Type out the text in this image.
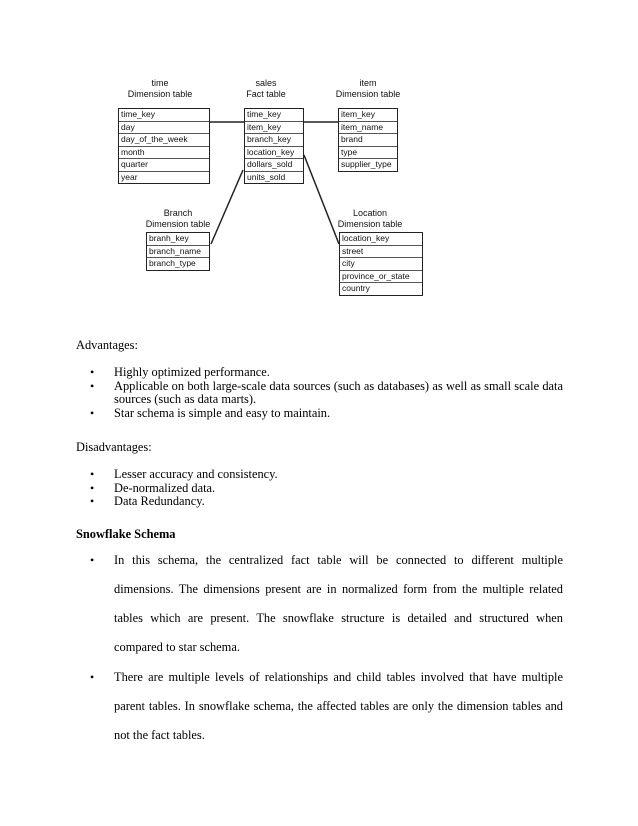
time
Dimension table
time_key
day
day_of_the_week
month
quarter
year
sales
Fact table
time_key
item_key
branch_key
location_key
dollars_sold
units_sold
item
Dimension table
item_key
item_name
brand
type
supplier_type
Branch
Dimension table
branh_key
branch_name
branch_type
Location
Dimension table
location_key
street
city
province_or_state
country
Advantages:
• Highly optimized performance.
• Applicable on both large-scale data sources (such as databases) as well as small scale data sources (such as data marts).
• Star schema is simple and easy to maintain.
Disadvantages:
• Lesser accuracy and consistency.
• De-normalized data.
• Data Redundancy.
Snowflake Schema
• In this schema, the centralized fact table will be connected to different multiple dimensions. The dimensions present are in normalized form from the multiple related tables which are present. The snowflake structure is detailed and structured when compared to star schema.
• There are multiple levels of relationships and child tables involved that have multiple parent tables. In snowflake schema, the affected tables are only the dimension tables and not the fact tables.
